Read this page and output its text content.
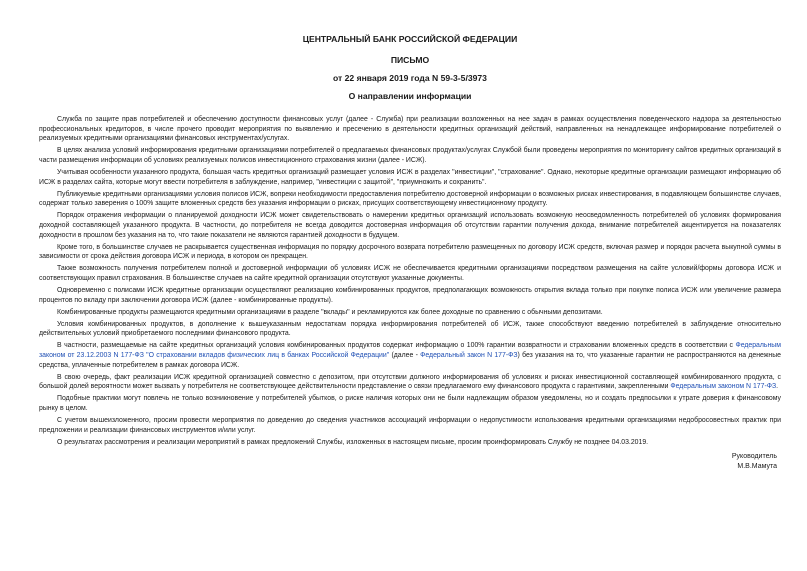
ЦЕНТРАЛЬНЫЙ БАНК РОССИЙСКОЙ ФЕДЕРАЦИИ
ПИСЬМО
от 22 января 2019 года N 59-3-5/3973
О направлении информации

Служба по защите прав потребителей и обеспечению доступности финансовых услуг (далее - Служба) при реализации возложенных на нее задач в рамках осуществления поведенческого надзора за деятельностью профессиональных кредиторов, в числе прочего проводит мероприятия по выявлению и пресечению в деятельности кредитных организаций действий, направленных на ненадлежащее информирование потребителей о реализуемых кредитными организациями финансовых инструментах/услугах.

В целях анализа условий информирования кредитными организациями потребителей о предлагаемых финансовых продуктах/услугах Службой были проведены мероприятия по мониторингу сайтов кредитных организаций в части размещения информации об условиях реализуемых полисов инвестиционного страхования жизни (далее - ИСЖ).

Учитывая особенности указанного продукта, большая часть кредитных организаций размещает условия ИСЖ в разделах "инвестиции", "страхование". Однако, некоторые кредитные организации размещают информацию об ИСЖ в разделах сайта, которые могут ввести потребителя в заблуждение, например, "инвестиции с защитой", "приумножить и сохранить".

Публикуемые кредитными организациями условия полисов ИСЖ, вопреки необходимости предоставления потребителю достоверной информации о возможных рисках инвестирования, в подавляющем большинстве случаев, содержат только заверения о 100% защите вложенных средств без указания информации о рисках, присущих соответствующему инвестиционному продукту.

Порядок отражения информации о планируемой доходности ИСЖ может свидетельствовать о намерении кредитных организаций использовать возможную неосведомленность потребителей об условиях формирования доходной составляющей указанного продукта. В частности, до потребителя не всегда доводится достоверная информация об отсутствии гарантии получения дохода, внимание потребителей акцентируется на показателях доходности в прошлом без указания на то, что такие показатели не являются гарантией доходности в будущем.

Кроме того, в большинстве случаев не раскрывается существенная информация по порядку досрочного возврата потребителю размещенных по договору ИСЖ средств, включая размер и порядок расчета выкупной суммы в зависимости от срока действия договора ИСЖ и периода, в котором он прекращен.

Также возможность получения потребителем полной и достоверной информации об условиях ИСЖ не обеспечивается кредитными организациями посредством размещения на сайте условий/формы договора ИСЖ и соответствующих правил страхования. В большинстве случаев на сайте кредитной организации отсутствуют указанные документы.

Одновременно с полисами ИСЖ кредитные организации осуществляют реализацию комбинированных продуктов, предполагающих возможность открытия вклада только при покупке полиса ИСЖ или увеличение размера процентов по вкладу при заключении договора ИСЖ (далее - комбинированные продукты).

Комбинированные продукты размещаются кредитными организациями в разделе "вклады" и рекламируются как более доходные по сравнению с обычными депозитами.

Условия комбинированных продуктов, в дополнение к вышеуказанным недостаткам порядка информирования потребителей об ИСЖ, также способствуют введению потребителей в заблуждение относительно действительных условий приобретаемого последними финансового продукта.

В частности, размещаемые на сайте кредитных организаций условия комбинированных продуктов содержат информацию о 100% гарантии возвратности и страховании вложенных средств в соответствии с Федеральным законом от 23.12.2003 N 177-ФЗ "О страховании вкладов физических лиц в банках Российской Федерации" (далее - Федеральный закон N 177-ФЗ) без указания на то, что указанные гарантии не распространяются на денежные средства, уплаченные потребителем в рамках договора ИСЖ.

В свою очередь, факт реализации ИСЖ кредитной организацией совместно с депозитом, при отсутствии должного информирования об условиях и рисках инвестиционной составляющей комбинированного продукта, с большой долей вероятности может вызвать у потребителя не соответствующее действительности представление о связи предлагаемого ему финансового продукта с гарантиями, закрепленными Федеральным законом N 177-ФЗ.

Подобные практики могут повлечь не только возникновение у потребителей убытков, о риске наличия которых они не были надлежащим образом уведомлены, но и создать предпосылки к утрате доверия к финансовому рынку в целом.

С учетом вышеизложенного, просим провести мероприятия по доведению до сведения участников ассоциаций информации о недопустимости использования кредитными организациями недобросовестных практик при предложении и реализации финансовых инструментов и/или услуг.

О результатах рассмотрения и реализации мероприятий в рамках предложений Службы, изложенных в настоящем письме, просим проинформировать Службу не позднее 04.03.2019.

Руководитель
М.В.Мамута
